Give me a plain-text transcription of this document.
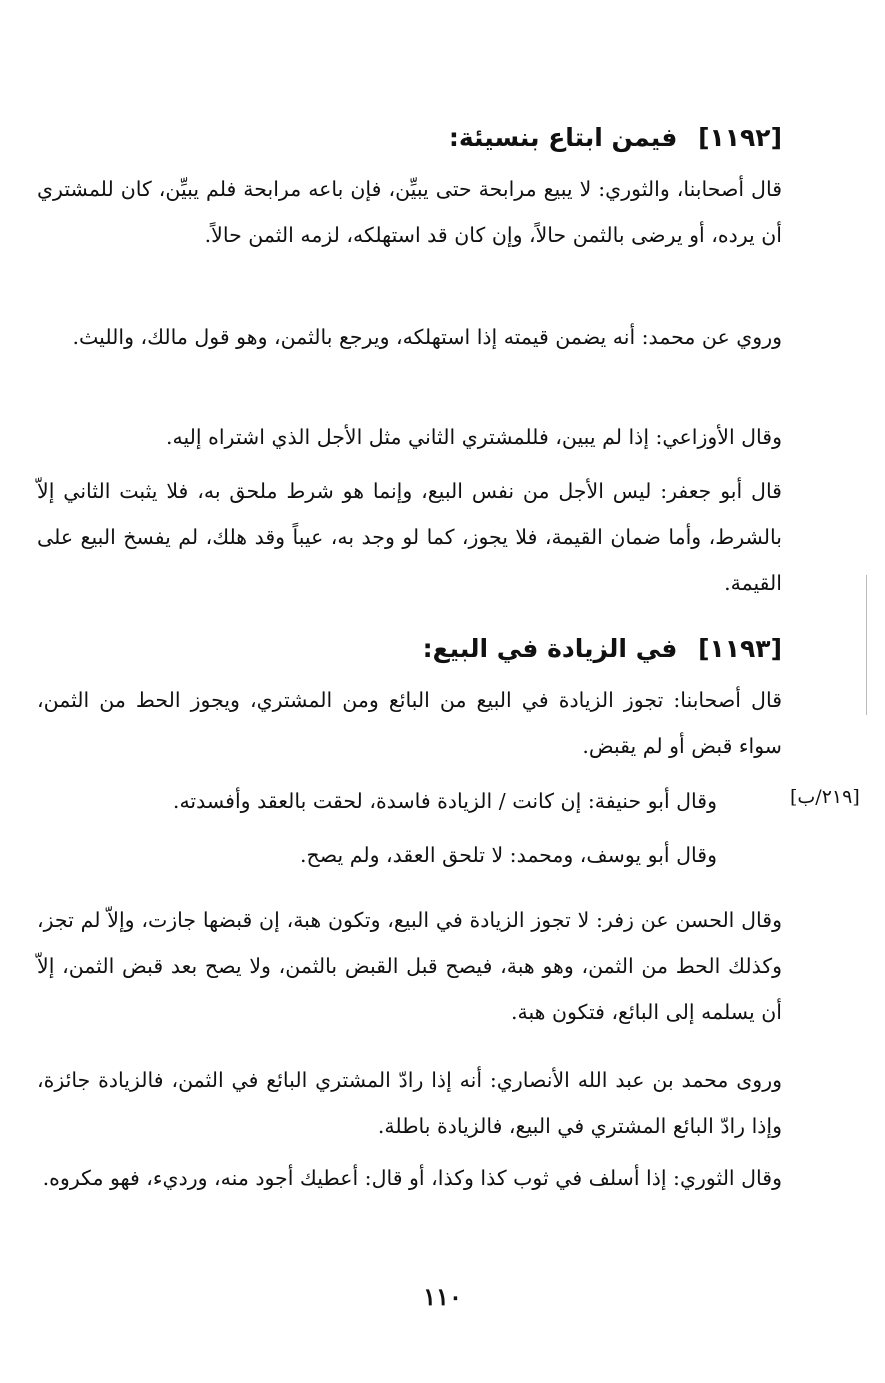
[١١٩٢] فيمن ابتاع بنسيئة:
قال أصحابنا، والثوري: لا يبيع مرابحة حتى يبيِّن، فإن باعه مرابحة فلم يبيِّن، كان للمشتري أن يرده، أو يرضى بالثمن حالاً، وإن كان قد استهلكه، لزمه الثمن حالاً.
وروي عن محمد: أنه يضمن قيمته إذا استهلكه، ويرجع بالثمن، وهو قول مالك، والليث.
وقال الأوزاعي: إذا لم يبين، فللمشتري الثاني مثل الأجل الذي اشتراه إليه.
قال أبو جعفر: ليس الأجل من نفس البيع، وإنما هو شرط ملحق به، فلا يثبت الثاني إلاّ بالشرط، وأما ضمان القيمة، فلا يجوز، كما لو وجد به، عيباً وقد هلك، لم يفسخ البيع على القيمة.
[١١٩٣] في الزيادة في البيع:
قال أصحابنا: تجوز الزيادة في البيع من البائع ومن المشتري، ويجوز الحط من الثمن، سواء قبض أو لم يقبض.
وقال أبو حنيفة: إن كانت / الزيادة فاسدة، لحقت بالعقد وأفسدته.
وقال أبو يوسف، ومحمد: لا تلحق العقد، ولم يصح.
وقال الحسن عن زفر: لا تجوز الزيادة في البيع، وتكون هبة، إن قبضها جازت، وإلاّ لم تجز، وكذلك الحط من الثمن، وهو هبة، فيصح قبل القبض بالثمن، ولا يصح بعد قبض الثمن، إلاّ أن يسلمه إلى البائع، فتكون هبة.
وروى محمد بن عبد الله الأنصاري: أنه إذا رادّ المشتري البائع في الثمن، فالزيادة جائزة، وإذا رادّ البائع المشتري في البيع، فالزيادة باطلة.
وقال الثوري: إذا أسلف في ثوب كذا وكذا، أو قال: أعطيك أجود منه، ورديء، فهو مكروه.
[٢١٩/ب]
١١٠
